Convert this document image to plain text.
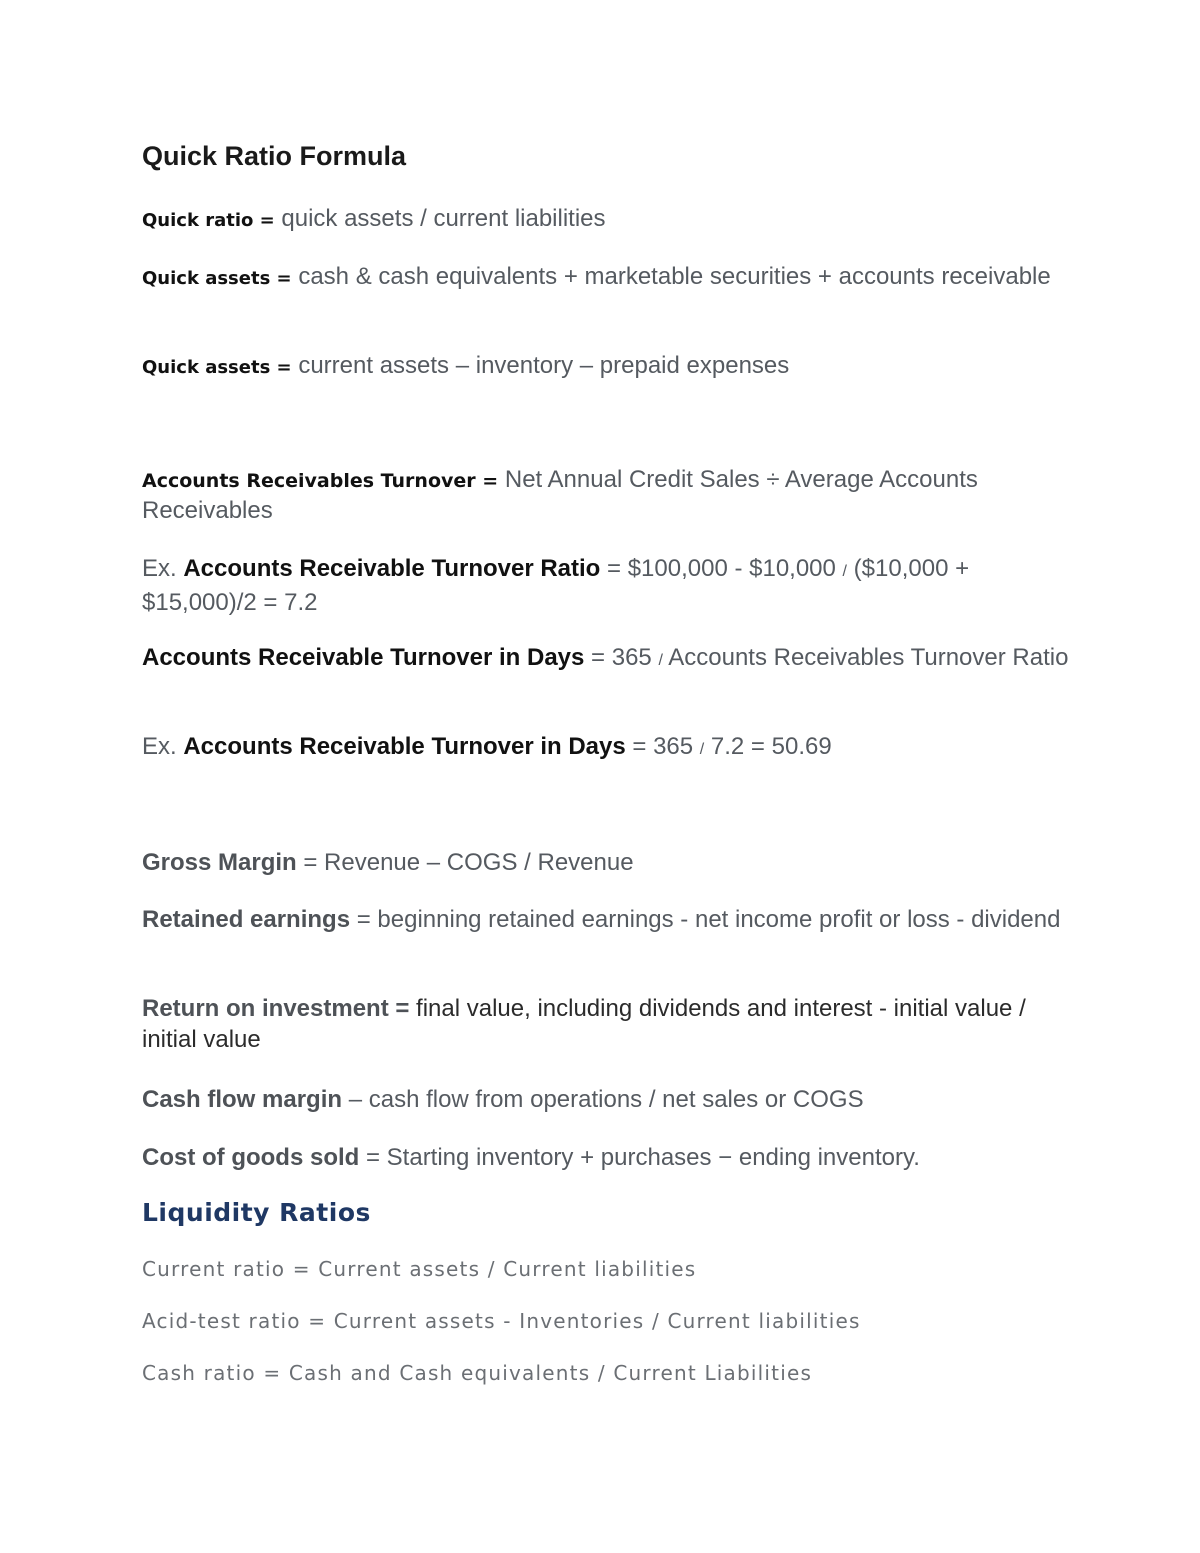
Quick Ratio Formula
Quick ratio = quick assets / current liabilities
Quick assets = cash & cash equivalents + marketable securities + accounts receivable
Quick assets = current assets – inventory – prepaid expenses
Accounts Receivables Turnover = Net Annual Credit Sales ÷ Average Accounts Receivables
Ex. Accounts Receivable Turnover Ratio = $100,000 - $10,000 / ($10,000 + $15,000)/2 = 7.2
Accounts Receivable Turnover in Days = 365 / Accounts Receivables Turnover Ratio
Ex. Accounts Receivable Turnover in Days = 365 / 7.2 = 50.69
Gross Margin = Revenue – COGS / Revenue
Retained earnings = beginning retained earnings - net income profit or loss - dividend
Return on investment = final value, including dividends and interest - initial value / initial value
Cash flow margin – cash flow from operations / net sales or COGS
Cost of goods sold = Starting inventory + purchases − ending inventory.
Liquidity Ratios
Current ratio = Current assets / Current liabilities
Acid-test ratio = Current assets - Inventories / Current liabilities
Cash ratio = Cash and Cash equivalents / Current Liabilities
